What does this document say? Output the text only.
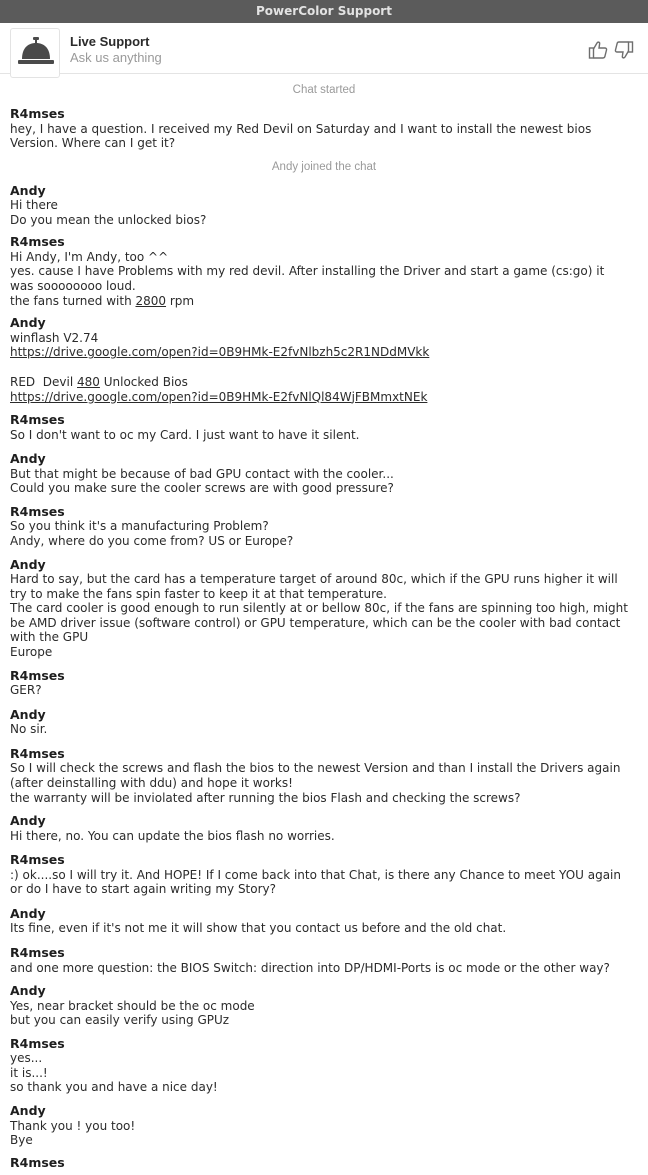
PowerColor Support
Live Support
Ask us anything
Chat started
R4mses
hey, I have a question. I received my Red Devil on Saturday and I want to install the newest bios
Version. Where can I get it?
Andy joined the chat
Andy
Hi there
Do you mean the unlocked bios?
R4mses
Hi Andy, I'm Andy, too ^^
yes. cause I have Problems with my red devil. After installing the Driver and start a game (cs:go) it
was soooooooo loud.
the fans turned with 2800 rpm
Andy
winflash V2.74
https://drive.google.com/open?id=0B9HMk-E2fvNlbzh5c2R1NDdMVkk
RED  Devil 480 Unlocked Bios
https://drive.google.com/open?id=0B9HMk-E2fvNlQl84WjFBMmxtNEk
R4mses
So I don't want to oc my Card. I just want to have it silent.
Andy
But that might be because of bad GPU contact with the cooler...
Could you make sure the cooler screws are with good pressure?
R4mses
So you think it's a manufacturing Problem?
Andy, where do you come from? US or Europe?
Andy
Hard to say, but the card has a temperature target of around 80c, which if the GPU runs higher it will
try to make the fans spin faster to keep it at that temperature.
The card cooler is good enough to run silently at or bellow 80c, if the fans are spinning too high, might
be AMD driver issue (software control) or GPU temperature, which can be the cooler with bad contact
with the GPU
Europe
R4mses
GER?
Andy
No sir.
R4mses
So I will check the screws and flash the bios to the newest Version and than I install the Drivers again
(after deinstalling with ddu) and hope it works!
the warranty will be inviolated after running the bios Flash and checking the screws?
Andy
Hi there, no. You can update the bios flash no worries.
R4mses
:) ok....so I will try it. And HOPE! If I come back into that Chat, is there any Chance to meet YOU again
or do I have to start again writing my Story?
Andy
Its fine, even if it's not me it will show that you contact us before and the old chat.
R4mses
and one more question: the BIOS Switch: direction into DP/HDMI-Ports is oc mode or the other way?
Andy
Yes, near bracket should be the oc mode
but you can easily verify using GPUz
R4mses
yes...
it is...!
so thank you and have a nice day!
Andy
Thank you ! you too!
Bye
R4mses
